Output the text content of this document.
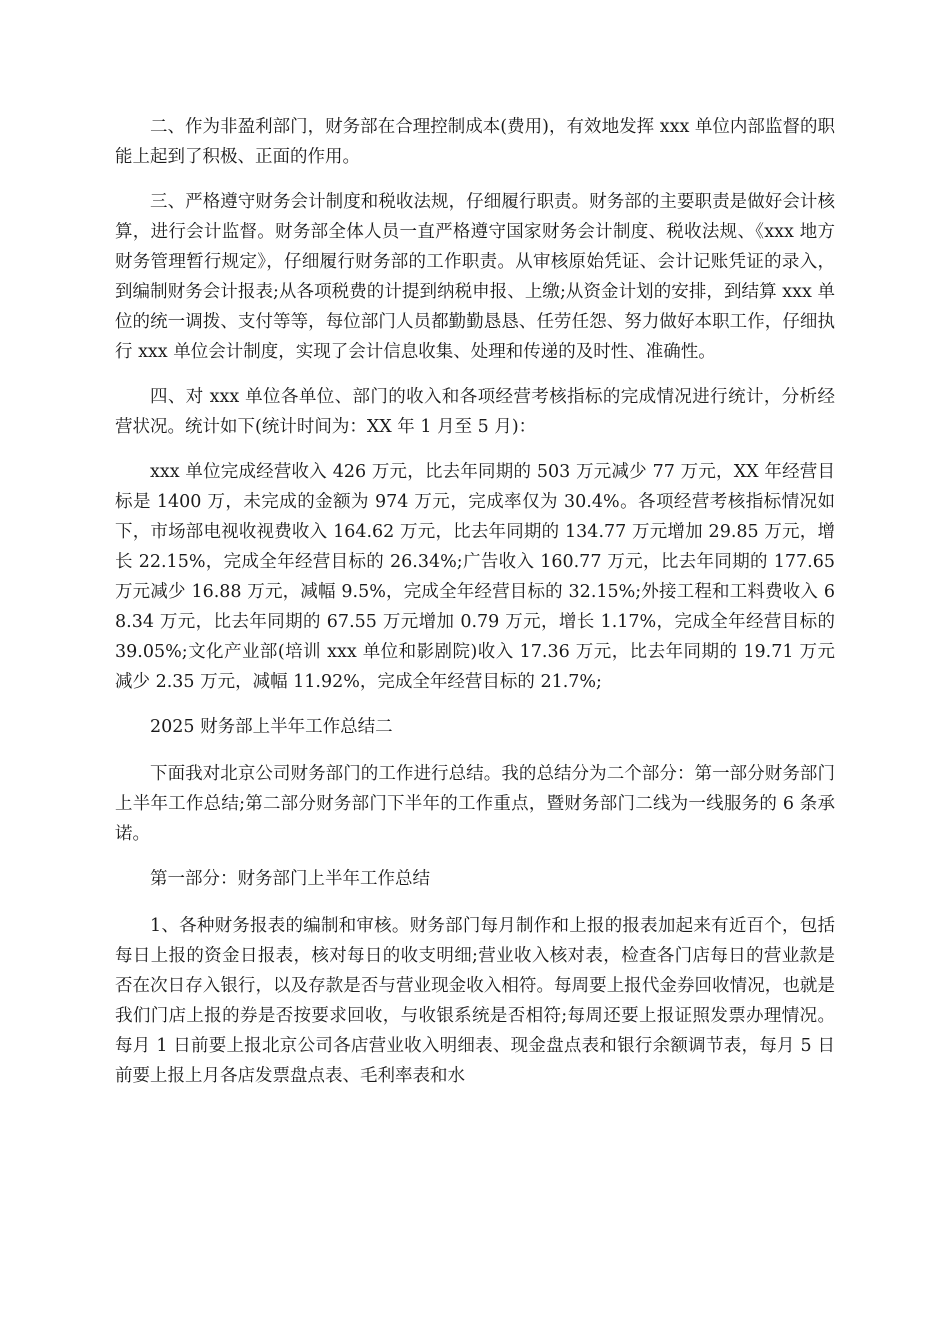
二、作为非盈利部门，财务部在合理控制成本(费用)，有效地发挥 xxx 单位内部监督的职能上起到了积极、正面的作用。

三、严格遵守财务会计制度和税收法规，仔细履行职责。财务部的主要职责是做好会计核算，进行会计监督。财务部全体人员一直严格遵守国家财务会计制度、税收法规、《xxx 地方财务管理暂行规定》，仔细履行财务部的工作职责。从审核原始凭证、会计记账凭证的录入，到编制财务会计报表;从各项税费的计提到纳税申报、上缴;从资金计划的安排，到结算 xxx 单位的统一调拨、支付等等，每位部门人员都勤勤恳恳、任劳任怨、努力做好本职工作，仔细执行 xxx 单位会计制度，实现了会计信息收集、处理和传递的及时性、准确性。

四、对 xxx 单位各单位、部门的收入和各项经营考核指标的完成情况进行统计，分析经营状况。统计如下(统计时间为：XX 年 1 月至 5 月)：

xxx 单位完成经营收入 426 万元，比去年同期的 503 万元减少 77 万元，XX 年经营目标是 1400 万，未完成的金额为 974 万元，完成率仅为 30.4%。各项经营考核指标情况如下，市场部电视收视费收入 164.62 万元，比去年同期的 134.77 万元增加 29.85 万元，增长 22.15%，完成全年经营目标的 26.34%;广告收入 160.77 万元，比去年同期的 177.65 万元减少 16.88 万元，减幅 9.5%，完成全年经营目标的 32.15%;外接工程和工料费收入 68.34 万元，比去年同期的 67.55 万元增加 0.79 万元，增长 1.17%，完成全年经营目标的 39.05%;文化产业部(培训 xxx 单位和影剧院)收入 17.36 万元，比去年同期的 19.71 万元减少 2.35 万元，减幅 11.92%，完成全年经营目标的 21.7%;

2025 财务部上半年工作总结二

下面我对北京公司财务部门的工作进行总结。我的总结分为二个部分：第一部分财务部门上半年工作总结;第二部分财务部门下半年的工作重点，暨财务部门二线为一线服务的 6 条承诺。

第一部分：财务部门上半年工作总结

1、各种财务报表的编制和审核。财务部门每月制作和上报的报表加起来有近百个，包括每日上报的资金日报表，核对每日的收支明细;营业收入核对表，检查各门店每日的营业款是否在次日存入银行，以及存款是否与营业现金收入相符。每周要上报代金券回收情况，也就是我们门店上报的券是否按要求回收，与收银系统是否相符;每周还要上报证照发票办理情况。每月 1 日前要上报北京公司各店营业收入明细表、现金盘点表和银行余额调节表，每月 5 日前要上报上月各店发票盘点表、毛利率表和水
